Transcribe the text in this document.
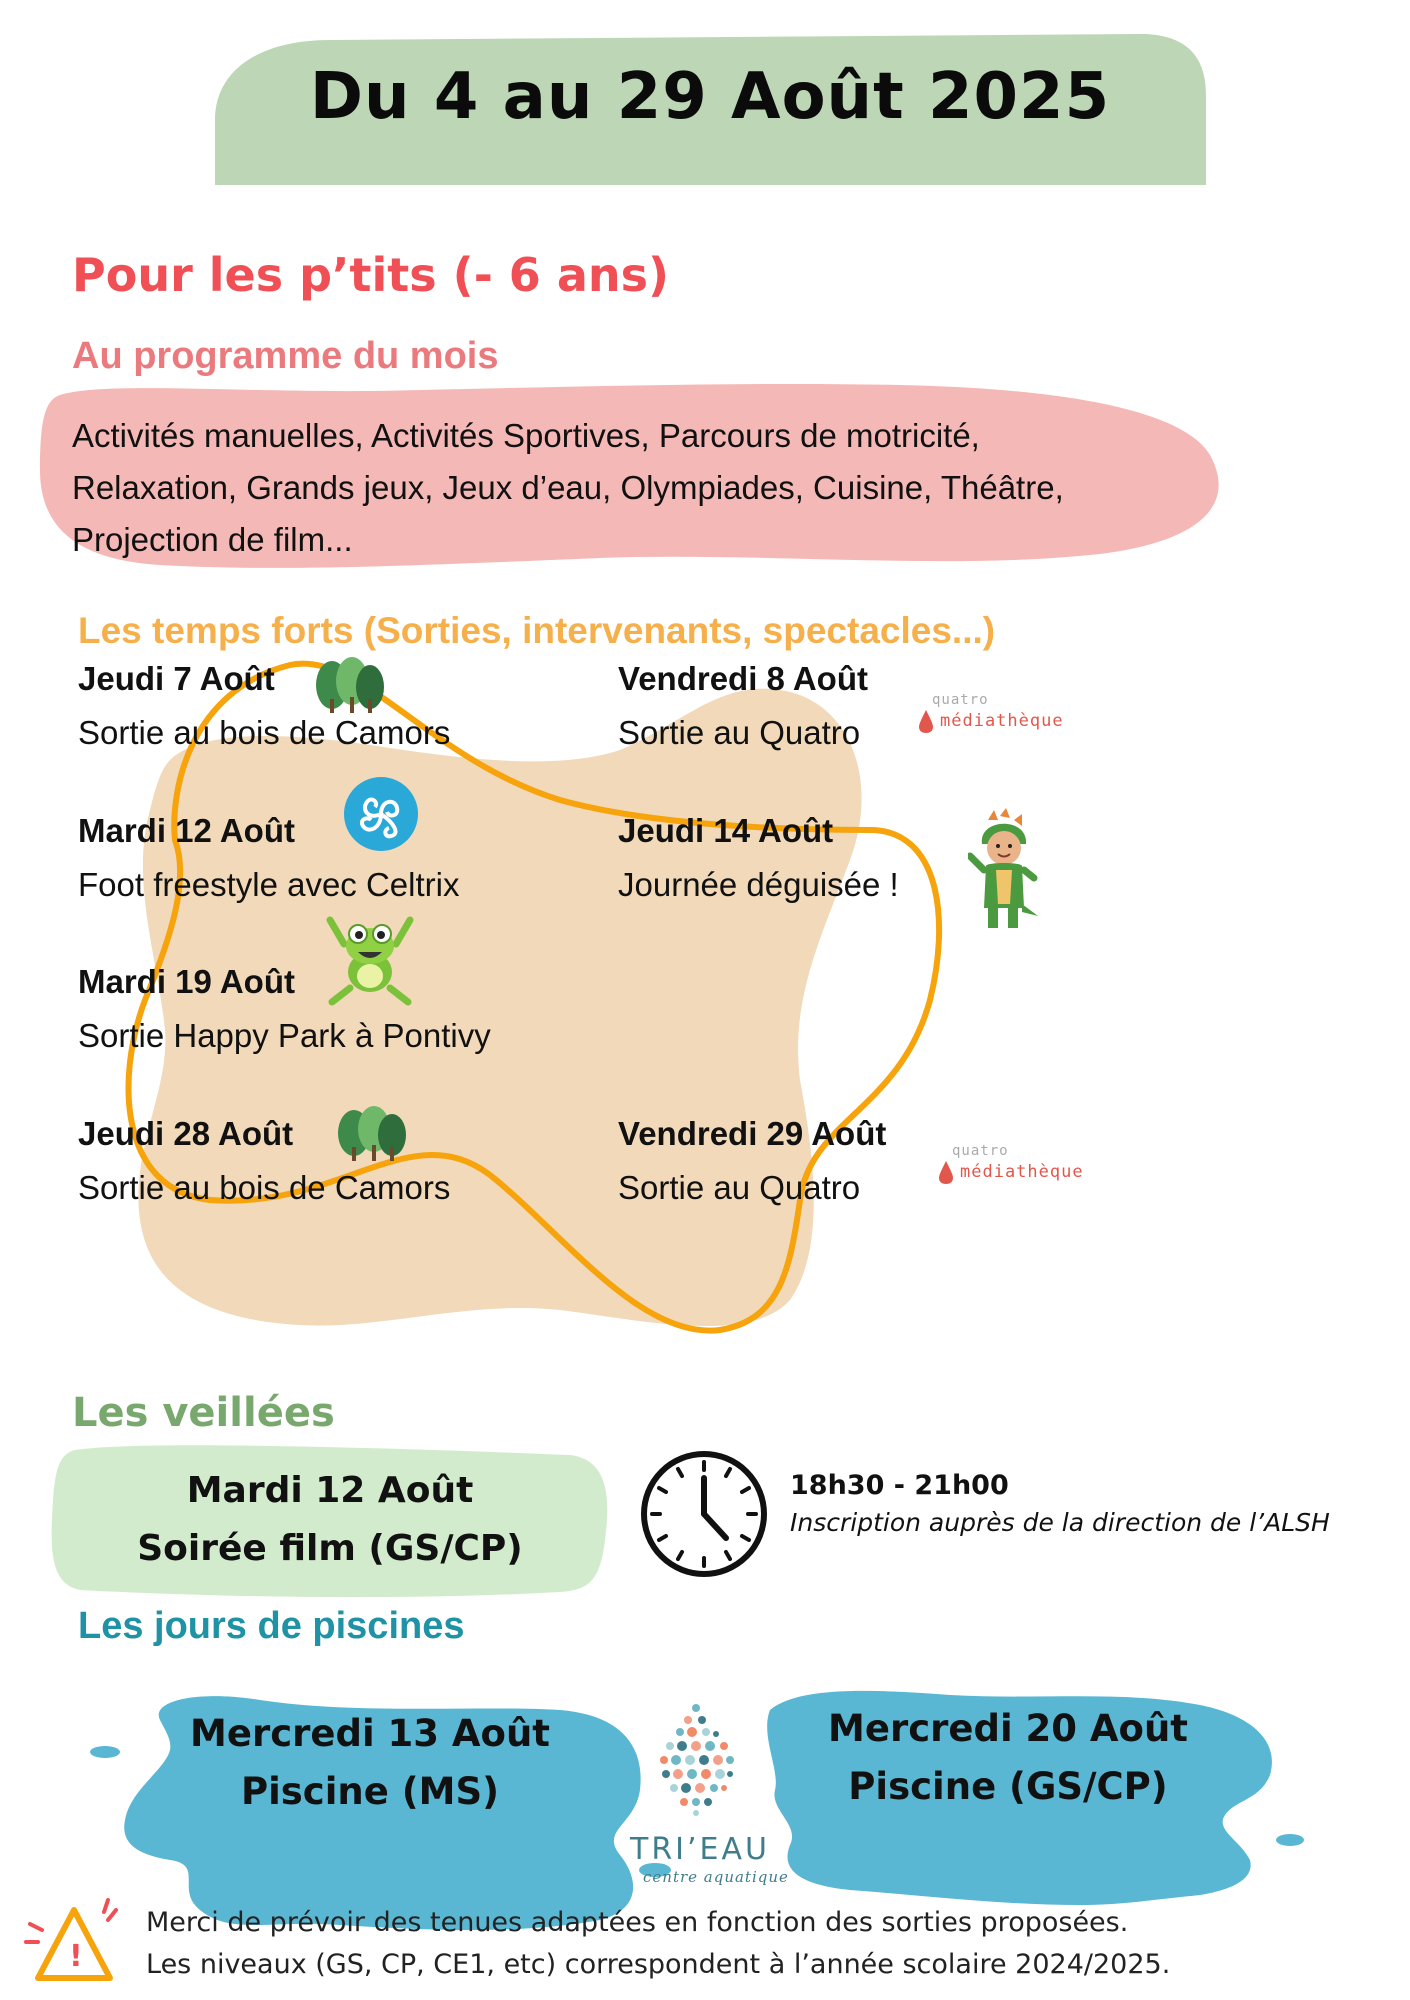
Du 4 au 29 Août 2025
Pour les p’tits (- 6 ans)
Au programme du mois
Activités manuelles, Activités Sportives, Parcours de motricité,
Relaxation, Grands jeux, Jeux d’eau, Olympiades, Cuisine, Théâtre,
Projection de film...
Les temps forts (Sorties, intervenants, spectacles...)
Jeudi 7 Août
Sortie au bois de Camors
Vendredi 8 Août
Sortie au Quatro
Mardi 12 Août
Foot freestyle avec Celtrix
Jeudi 14 Août
Journée déguisée !
Mardi 19 Août
Sortie Happy Park à Pontivy
Jeudi 28 Août
Sortie au bois de Camors
Vendredi 29 Août
Sortie au Quatro
quatro
médiathèque
quatro
médiathèque
Les veillées
Mardi 12 Août
Soirée film (GS/CP)
18h30 - 21h00
Inscription auprès de la direction de l’ALSH
Les jours de piscines
Mercredi 13 Août
Piscine (MS)
Mercredi 20 Août
Piscine (GS/CP)
TRI’EAU
centre aquatique
!
Merci de prévoir des tenues adaptées en fonction des sorties proposées.
Les niveaux (GS, CP, CE1, etc) correspondent à l’année scolaire 2024/2025.
